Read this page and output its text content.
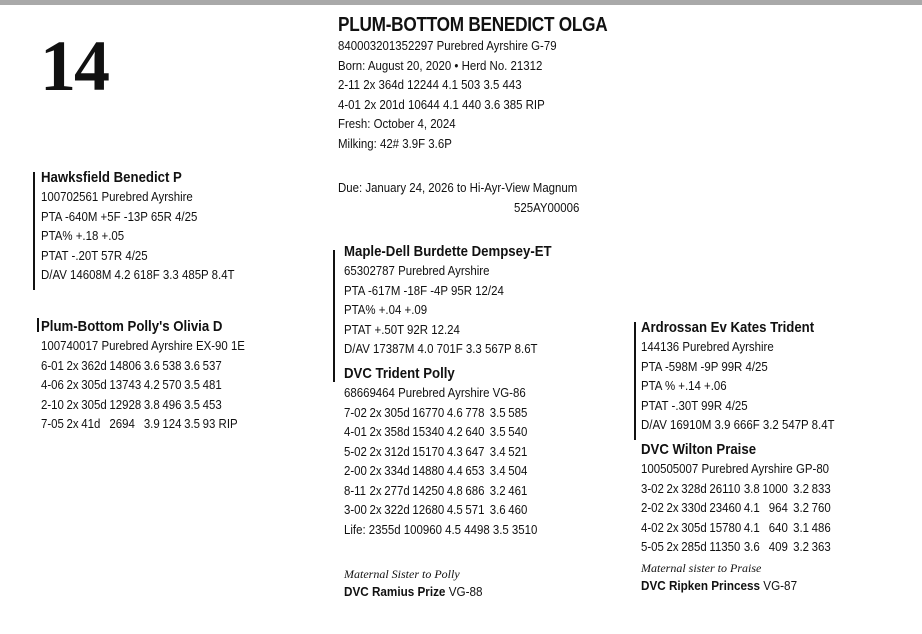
14
PLUM-BOTTOM BENEDICT OLGA
840003201352297 Purebred Ayrshire G-79
Born: August 20, 2020 • Herd No. 21312
2-11 2x 364d 12244 4.1 503 3.5 443
4-01 2x 201d 10644 4.1 440 3.6 385 RIP
Fresh: October 4, 2024
Milking: 42# 3.9F 3.6P
Due: January 24, 2026 to Hi-Ayr-View Magnum
525AY00006
Hawksfield Benedict P
100702561 Purebred Ayrshire
PTA -640M +5F -13P 65R 4/25
PTA% +.18 +.05
PTAT -.20T 57R 4/25
D/AV 14608M 4.2 618F 3.3 485P 8.4T
Plum-Bottom Polly's Olivia D
100740017 Purebred Ayrshire EX-90 1E
6-01	2x	362d	14806	3.6	538	3.6	537
4-06	2x	305d	13743	4.2	570	3.5	481
2-10	2x	305d	12928	3.8	496	3.5	453
7-05	2x	41d	2694	3.9	124	3.5	93 RIP
Maple-Dell Burdette Dempsey-ET
65302787 Purebred Ayrshire
PTA -617M -18F -4P 95R 12/24
PTA% +.04 +.09
PTAT +.50T 92R 12.24
D/AV 17387M 4.0 701F 3.3 567P 8.6T
DVC Trident Polly
68669464 Purebred Ayrshire VG-86
7-02	2x	305d	16770	4.6	778	3.5	585
4-01	2x	358d	15340	4.2	640	3.5	540
5-02	2x	312d	15170	4.3	647	3.4	521
2-00	2x	334d	14880	4.4	653	3.4	504
8-11	2x	277d	14250	4.8	686	3.2	461
3-00	2x	322d	12680	4.5	571	3.6	460
Life: 2355d 100960 4.5 4498 3.5 3510
Maternal Sister to Polly
DVC Ramius Prize VG-88
Ardrossan Ev Kates Trident
144136 Purebred Ayrshire
PTA -598M -9P 99R 4/25
PTA % +.14 +.06
PTAT -.30T 99R 4/25
D/AV 16910M 3.9 666F 3.2 547P 8.4T
DVC Wilton Praise
100505007 Purebred Ayrshire GP-80
3-02	2x	328d	26110	3.8	1000	3.2	833
2-02	2x	330d	23460	4.1	964	3.2	760
4-02	2x	305d	15780	4.1	640	3.1	486
5-05	2x	285d	11350	3.6	409	3.2	363
Maternal sister to Praise
DVC Ripken Princess VG-87
